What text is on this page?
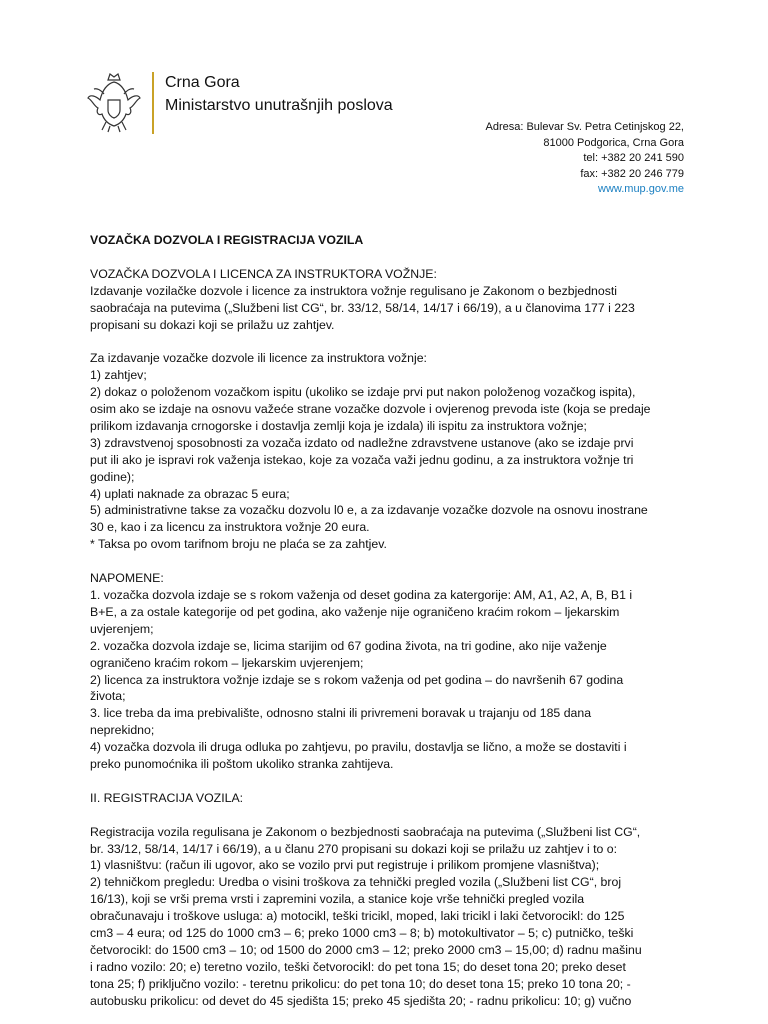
Crna Gora
Ministarstvo unutrašnjih poslova
Adresa: Bulevar Sv. Petra Cetinjskog 22,
81000 Podgorica, Crna Gora
tel: +382 20 241 590
fax: +382 20 246 779
www.mup.gov.me

VOZAČKA DOZVOLA I REGISTRACIJA VOZILA

VOZAČKA DOZVOLA I LICENCA ZA INSTRUKTORA VOŽNJE:

Izdavanje vozilačke dozvole i licence za instruktora vožnje regulisano je Zakonom o bezbjednosti

saobraćaja na putevima („Službeni list CG“, br. 33/12, 58/14, 14/17 i 66/19), a u članovima 177 i 223

propisani su dokazi koji se prilažu uz zahtjev.

Za izdavanje vozačke dozvole ili licence za instruktora vožnje:

1) zahtjev;

2) dokaz o položenom vozačkom ispitu (ukoliko se izdaje prvi put nakon položenog vozačkog ispita),

osim ako se izdaje na osnovu važeće strane vozačke dozvole i ovjerenog prevoda iste (koja se predaje

prilikom izdavanja crnogorske i dostavlja zemlji koja je izdala) ili ispitu za instruktora vožnje;

3) zdravstvenoj sposobnosti za vozača izdato od nadležne zdravstvene ustanove (ako se izdaje prvi

put ili ako je ispravi rok važenja istekao, koje za vozača važi jednu godinu, a za instruktora vožnje tri

godine);

4) uplati naknade za obrazac 5 eura;

5) administrativne takse za vozačku dozvolu l0 e, a za izdavanje vozačke dozvole na osnovu inostrane

30 e, kao i za licencu za instruktora vožnje 20 eura.

* Taksa po ovom tarifnom broju ne plaća se za zahtjev.

NAPOMENE:

1. vozačka dozvola izdaje se s rokom važenja od deset godina za katergorije: AM, A1, A2, A, B, B1 i

B+E, a za ostale kategorije od pet godina, ako važenje nije ograničeno kraćim rokom – ljekarskim

uvjerenjem;

2. vozačka dozvola izdaje se, licima starijim od 67 godina života, na tri godine, ako nije važenje

ograničeno kraćim rokom – ljekarskim uvjerenjem;

2) licenca za instruktora vožnje izdaje se s rokom važenja od pet godina – do navršenih 67 godina

života;

3. lice treba da ima prebivalište, odnosno stalni ili privremeni boravak u trajanju od 185 dana

neprekidno;

4) vozačka dozvola ili druga odluka po zahtjevu, po pravilu, dostavlja se lično, a može se dostaviti i

preko punomoćnika ili poštom ukoliko stranka zahtijeva.

II. REGISTRACIJA VOZILA:

Registracija vozila regulisana je Zakonom o bezbjednosti saobraćaja na putevima („Službeni list CG“,

br. 33/12, 58/14, 14/17 i 66/19), a u članu 270 propisani su dokazi koji se prilažu uz zahtjev i to o:

1) vlasništvu: (račun ili ugovor, ako se vozilo prvi put registruje i prilikom promjene vlasništva);

2) tehničkom pregledu: Uredba o visini troškova za tehnički pregled vozila („Službeni list CG“, broj

16/13), koji se vrši prema vrsti i zapremini vozila, a stanice koje vrše tehnički pregled vozila

obračunavaju i troškove usluga: a) motocikl, teški tricikl, moped, laki tricikl i laki četvorocikl: do 125

cm3 – 4 eura; od 125 do 1000 cm3 – 6; preko 1000 cm3 – 8; b) motokultivator – 5; c) putničko, teški

četvorocikl: do 1500 cm3 – 10; od 1500 do 2000 cm3 – 12; preko 2000 cm3 – 15,00; d) radnu mašinu

i radno vozilo: 20; e) teretno vozilo, teški četvorocikl: do pet tona 15; do deset tona 20; preko deset

tona 25; f) priključno vozilo: - teretnu prikolicu: do pet tona 10; do deset tona 15; preko 10 tona 20; -

autobusku prikolicu: od devet do 45 sjedišta 15; preko 45 sjedišta 20; - radnu prikolicu: 10; g) vučno
